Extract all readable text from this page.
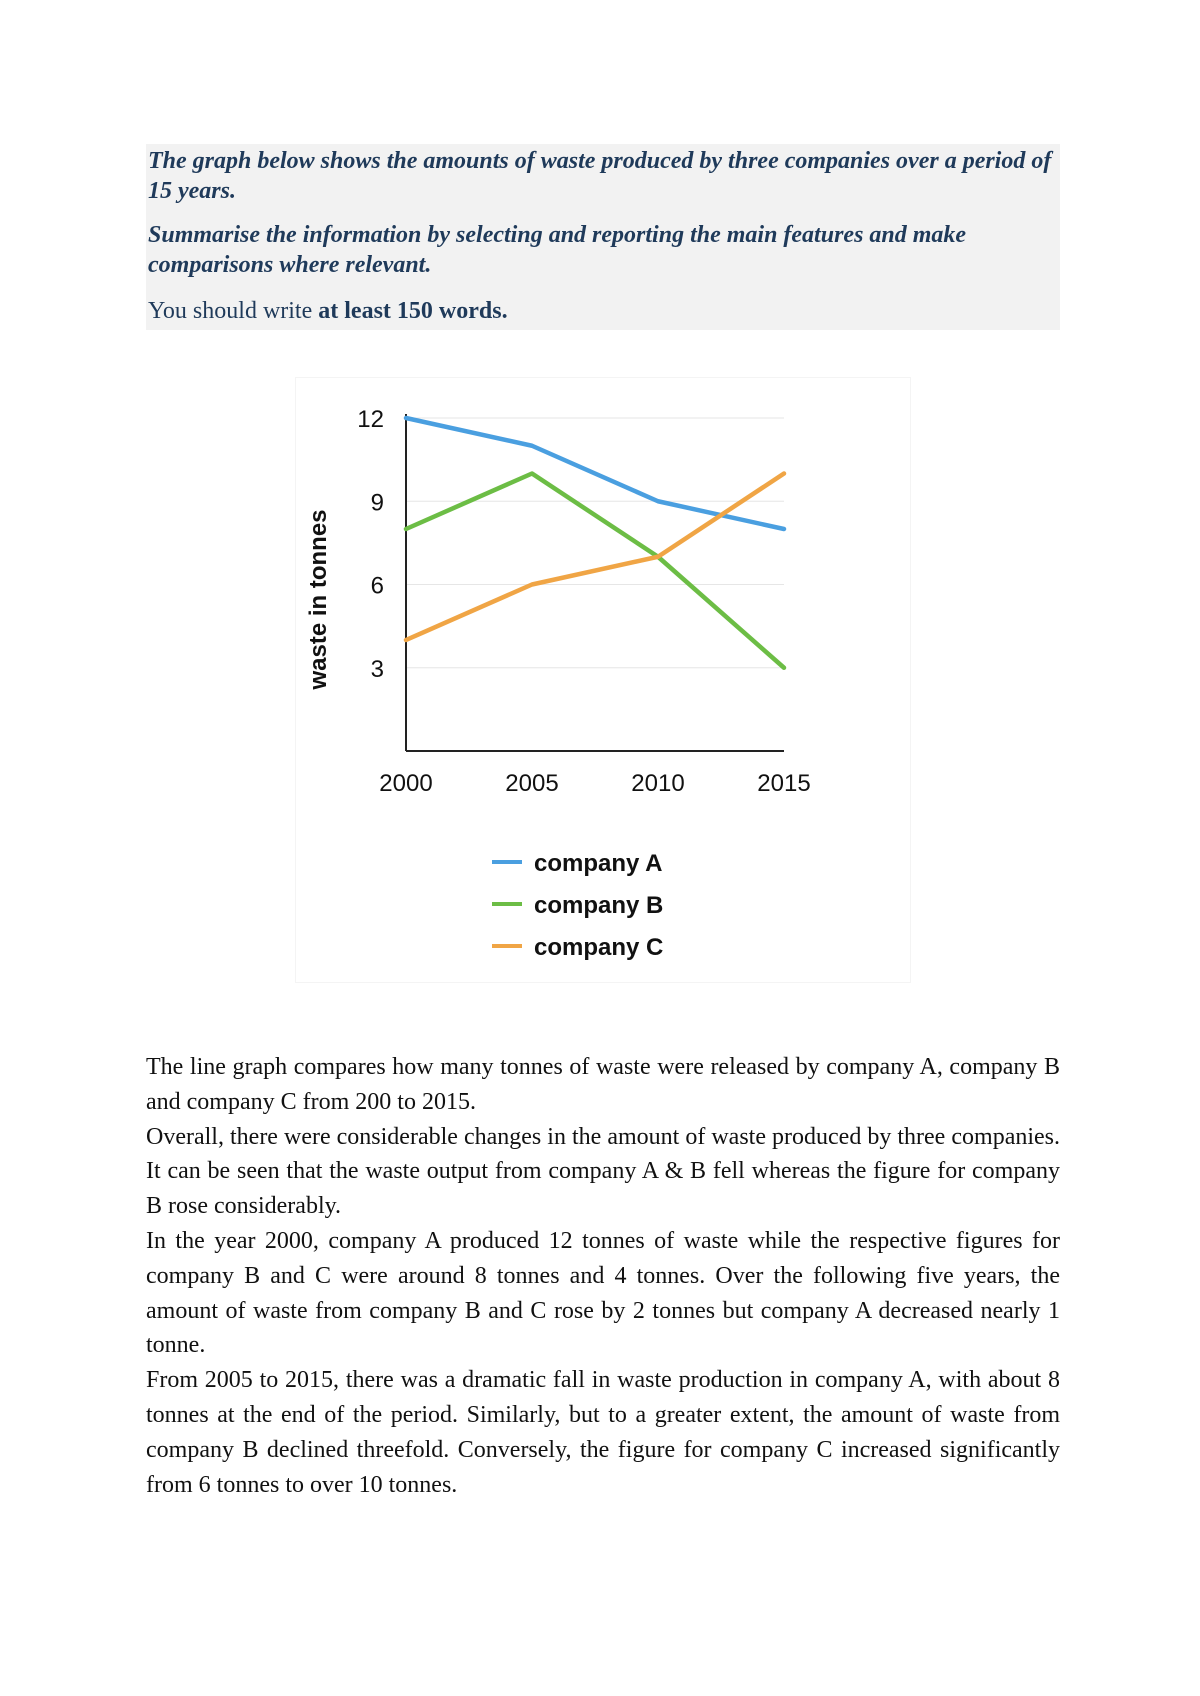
The graph below shows the amounts of waste produced by three companies over a period of 15 years.

Summarise the information by selecting and reporting the main features and make comparisons where relevant.

You should write at least 150 words.
3
6
9
12
2000	2005	2010	2015
waste in tonnes
company A
company B
company C

The line graph compares how many tonnes of waste were released by company A, company B and company C from 200 to 2015.

Overall, there were considerable changes in the amount of waste produced by three companies. It can be seen that the waste output from company A & B fell whereas the figure for company B rose considerably.

In the year 2000, company A produced 12 tonnes of waste while the respective figures for company B and C were around 8 tonnes and 4 tonnes. Over the following five years, the amount of waste from company B and C rose by 2 tonnes but company A decreased nearly 1 tonne.

From 2005 to 2015, there was a dramatic fall in waste production in company A, with about 8 tonnes at the end of the period. Similarly, but to a greater extent, the amount of waste from company B declined threefold. Conversely, the figure for company C increased significantly from 6 tonnes to over 10 tonnes.
